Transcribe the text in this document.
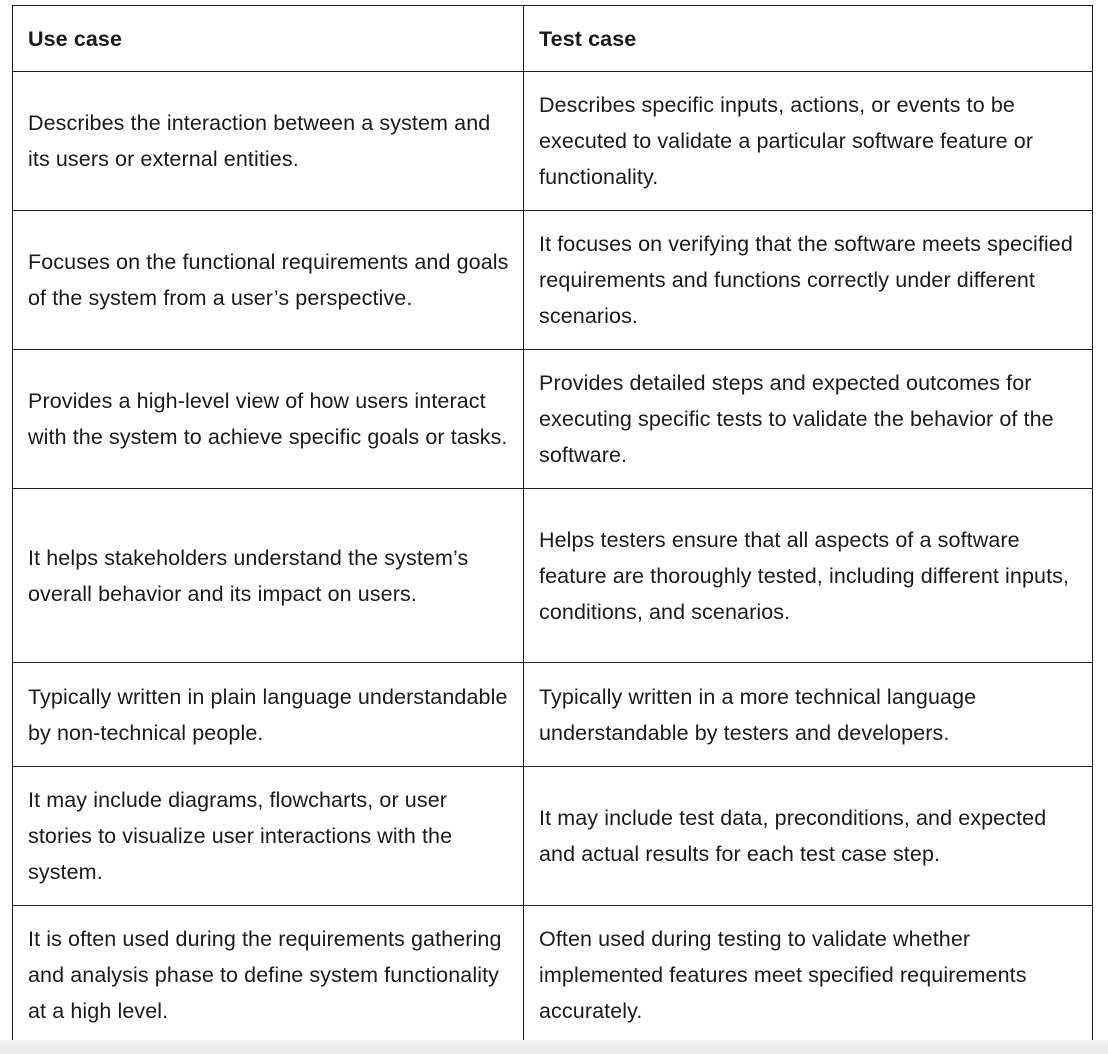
Use case	Test case
Describes the interaction between a system and its users or external entities.	Describes specific inputs, actions, or events to be executed to validate a particular software feature or functionality.
Focuses on the functional requirements and goals of the system from a user’s perspective.	It focuses on verifying that the software meets specified requirements and functions correctly under different scenarios.
Provides a high-level view of how users interact with the system to achieve specific goals or tasks.	Provides detailed steps and expected outcomes for executing specific tests to validate the behavior of the software.
It helps stakeholders understand the system’s overall behavior and its impact on users.	Helps testers ensure that all aspects of a software feature are thoroughly tested, including different inputs, conditions, and scenarios.
Typically written in plain language understandable by non-technical people.	Typically written in a more technical language understandable by testers and developers.
It may include diagrams, flowcharts, or user stories to visualize user interactions with the system.	It may include test data, preconditions, and expected and actual results for each test case step.
It is often used during the requirements gathering and analysis phase to define system functionality at a high level.	Often used during testing to validate whether implemented features meet specified requirements accurately.
